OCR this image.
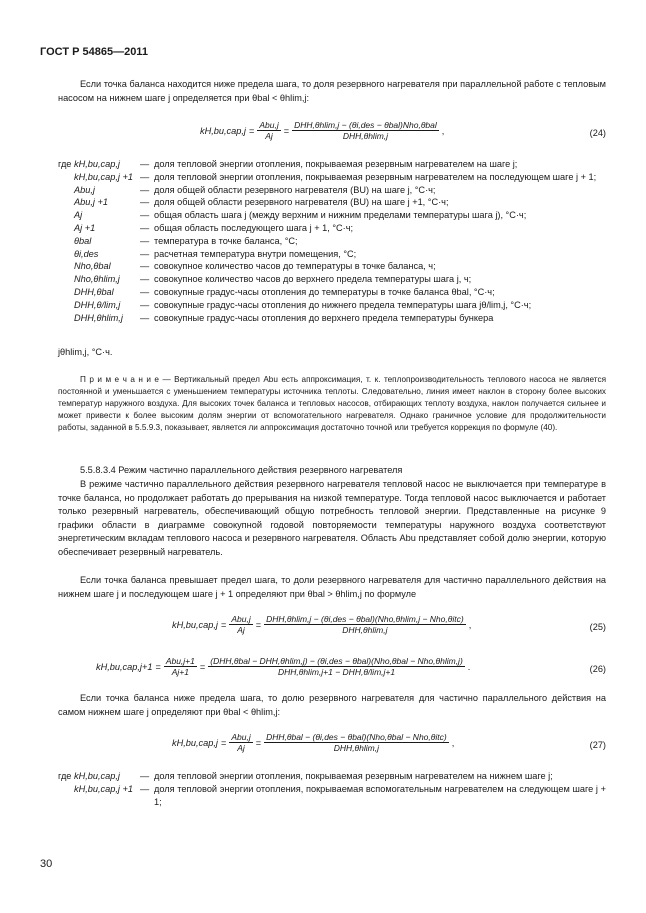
ГОСТ Р 54865—2011
Если точка баланса находится ниже предела шага, то доля резервного нагревателя при параллельной работе с тепловым насосом на нижнем шаге j определяется при θbal < θhlim,j:
$kH,bu,cap,j = \frac{\text{Abu,j}}{Aj} = \frac{\text{DHH,θhlim,j − (θi,des − θbal)Nho,θbal}}{\text{DHH,θhlim,j}}$ ,	(24)
где kH,bu,cap,j	— доля тепловой энергии отопления, покрываемая резервным нагревателем на шаге j;
kH,bu,cap,j +1 — доля тепловой энергии отопления, покрываемая резервным нагревателем на последующем шаге j + 1;
Abu,j	— доля общей области резервного нагревателя (BU) на шаге j, °С·ч;
Abu,j +1	— доля общей области резервного нагревателя (BU) на шаге j +1, °С·ч;
Aj	— общая область шага j (между верхним и нижним пределами температуры шага j), °С·ч;
Aj +1	— общая область последующего шага j + 1, °С·ч;
θbal	— температура в точке баланса, °С;
θi,des	— расчетная температура внутри помещения, °С;
Nho,θbal	— совокупное количество часов до температуры в точке баланса, ч;
Nho,θhlim,j	— совокупное количество часов до верхнего предела температуры шага j, ч;
DHH,θbal	— совокупные градус-часы отопления до температуры в точке баланса θbal, °С·ч;
DHH,θ/lim,j	— совокупные градус-часы отопления до нижнего предела температуры шага jθ/lim,j, °С·ч;
DHH,θhlim,j	— совокупные градус-часы отопления до верхнего предела температуры бункера
jθhlim,j, °С·ч.
П р и м е ч а н и е — Вертикальный предел Abu есть аппроксимация, т. к. теплопроизводительность теплового насоса не является постоянной и уменьшается с уменьшением температуры источника теплоты. Следовательно, линия имеет наклон в сторону более высоких температур наружного воздуха. Для высоких точек баланса и тепловых насосов, отбирающих теплоту воздуха, наклон получается сильнее и может привести к более высоким долям энергии от вспомогательного нагревателя. Однако граничное условие для продолжительности работы, заданной в 5.5.9.3, показывает, является ли аппроксимация достаточно точной или требуется коррекция по формуле (40).
5.5.8.3.4 Режим частично параллельного действия резервного нагревателя
В режиме частично параллельного действия резервного нагревателя тепловой насос не выключается при температуре в точке баланса, но продолжает работать до прерывания на низкой температуре. Тогда тепловой насос выключается и работает только резервный нагреватель, обеспечивающий общую потребность тепловой энергии. Представленные на рисунке 9 графики области в диаграмме совокупной годовой повторяемости температуры наружного воздуха соответствуют энергетическим вкладам теплового насоса и резервного нагревателя. Область Abu представляет собой долю энергии, которую обеспечивает резервный нагреватель.
Если точка баланса превышает предел шага, то доли резервного нагревателя для частично параллельного действия на нижнем шаге j и последующем шаге j + 1 определяют при θbal > θhlim,j по формуле
$kH,bu,cap,j = \frac{\text{Abu,j}}{Aj} = \frac{\text{DHH,θhlim,j − (θi,des − θbal)(Nho,θhlim,j − Nho,θitc)}}{\text{DHH,θhlim,j}}$ ,	(25)
$kH,bu,cap,j+1 = \frac{\text{Abu,j+1}}{Aj+1}$ =
(DHH,θbal − DHH,θhlim,j) − (θi,des − θbal)(Nho,θbal − Nho,θhlim,j)
DHH,θhlim,j+1 − DHH,θ/lim,j+1
.	(26)
Если точка баланса ниже предела шага, то долю резервного нагревателя для частично параллельного действия на самом нижнем шаге j определяют при θbal < θhlim,j:
$kH,bu,cap,j = \frac{\text{Abu,j}}{Aj} = \frac{\text{DHH,θbal − (θi,des − θbal)(Nho,θbal − Nho,θitc)}}{\text{DHH,θhlim,j}}$ ,	(27)
где kH,bu,cap,j	— доля тепловой энергии отопления, покрываемая резервным нагревателем на нижнем шаге j;
kH,bu,cap,j +1 — доля тепловой энергии отопления, покрываемая вспомогательным нагревателем на следующем шаге j + 1;
30
